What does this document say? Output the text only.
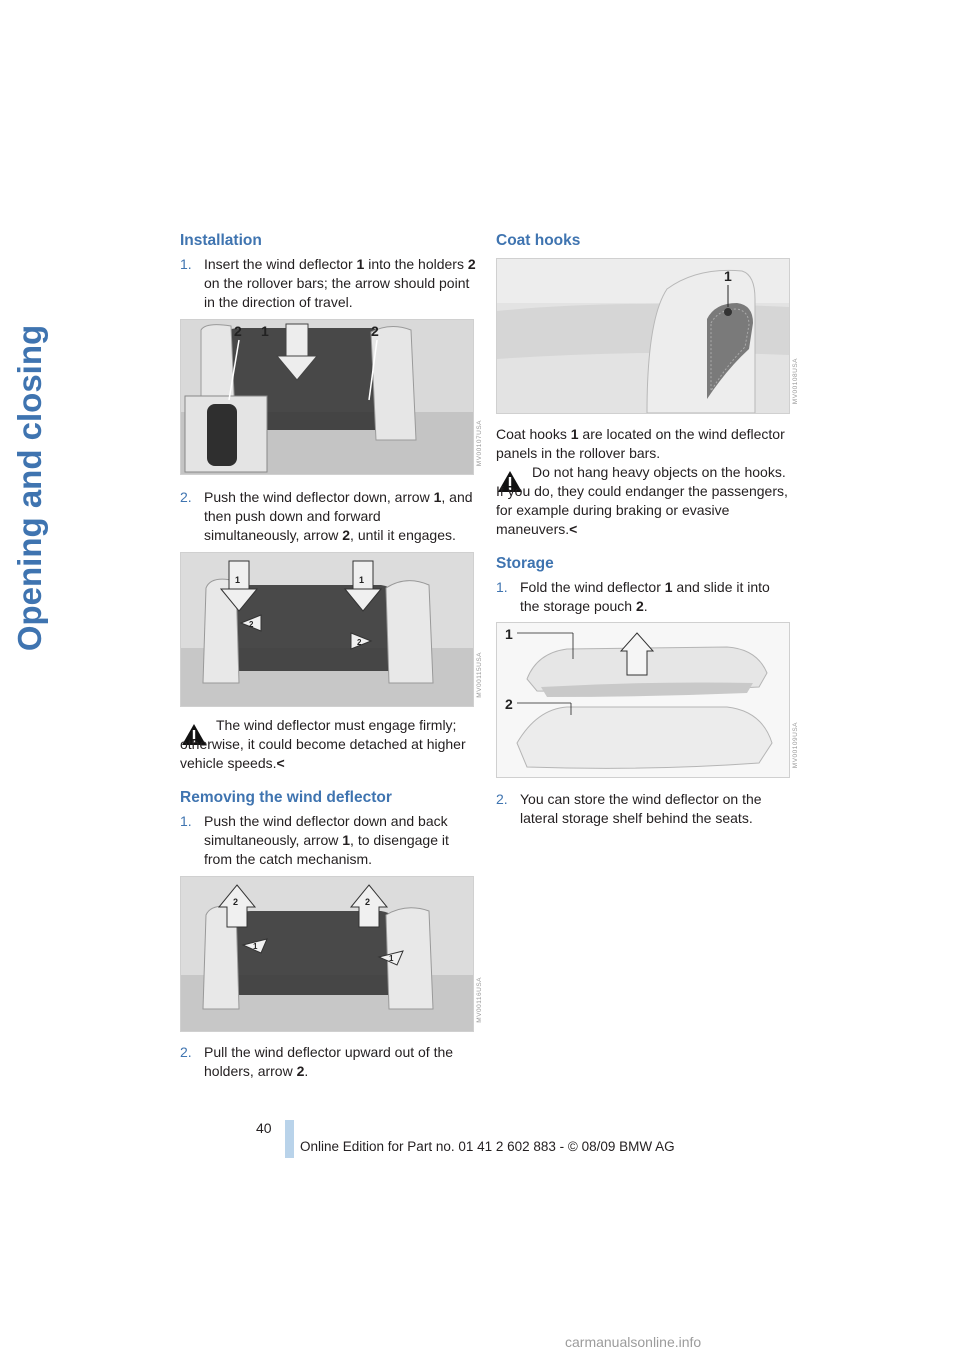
Opening and closing
Installation
1. Insert the wind deflector 1 into the holders 2 on the rollover bars; the arrow should point in the direction of travel.
2 1	2
MV00107USA
2. Push the wind deflector down, arrow 1, and then push down and forward simultaneously, arrow 2, until it engages.
1	1
2
2
MV00115USA

The wind deflector must engage firmly; otherwise, it could become detached at higher vehicle speeds.<

Removing the wind deflector
1. Push the wind deflector down and back simultaneously, arrow 1, to disengage it from the catch mechanism.
2	2
1
1
MV00116USA
2. Pull the wind deflector upward out of the holders, arrow 2.
Coat hooks
1
MV00108USA

Coat hooks 1 are located on the wind deflector panels in the rollover bars.

Do not hang heavy objects on the hooks. If you do, they could endanger the passengers, for example during braking or evasive maneuvers.<

Storage
1. Fold the wind deflector 1 and slide it into the storage pouch 2.
1
2
MV00109USA
2. You can store the wind deflector on the lateral storage shelf behind the seats.
40
Online Edition for Part no. 01 41 2 602 883 - © 08/09 BMW AG
carmanualsonline.info
